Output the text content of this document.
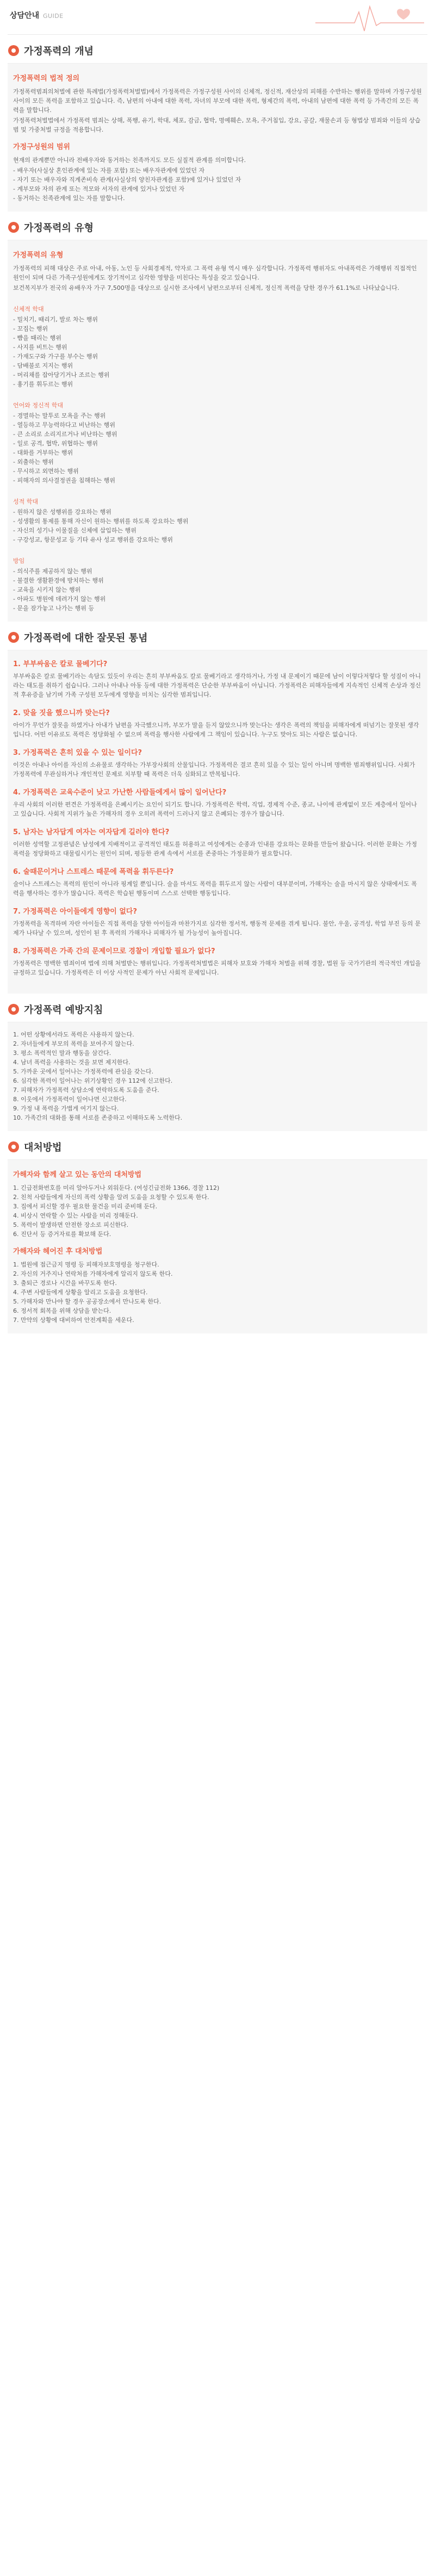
상담안내 GUIDE
가정폭력의 개념
가정폭력의 법적 정의

가정폭력범죄의처벌에 관한 특례법(가정폭력처벌법)에서 가정폭력은 가정구성원 사이의 신체적, 정신적, 재산상의 피해를 수반하는 행위를 말하며 가정구성원 사이의 모든 폭력을 포함하고 있습니다. 즉, 남편의 아내에 대한 폭력, 자녀의 부모에 대한 폭력, 형제간의 폭력, 아내의 남편에 대한 폭력 등 가족간의 모든 폭력을 말합니다.

가정폭력처벌법에서 가정폭력 범죄는 상해, 폭행, 유기, 학대, 체포, 감금, 협박, 명예훼손, 모욕, 주거침입, 강요, 공갈, 재물손괴 등 형법상 범죄와 이들의 상습범 및 가중처벌 규정을 적용합니다.

가정구성원의 범위

현재의 관계뿐만 아니라 전배우자와 동거하는 친족까지도 모든 실질적 관계를 의미합니다.

- 배우자(사실상 혼인관계에 있는 자를 포함) 또는 배우자관계에 있었던 자
- 자기 또는 배우자와 직계존비속 관계(사실상의 양친자관계를 포함)에 있거나 있었던 자
- 계부모와 자의 관계 또는 적모와 서자의 관계에 있거나 있었던 자
- 동거하는 친족관계에 있는 자를 말합니다.
가정폭력의 유형
가정폭력의 유형

가정폭력의 피해 대상은 주로 아내, 아동, 노인 등 사회경제적, 약자로 그 폭력 유형 역시 매우 심각합니다. 가정폭력 행위자도 아내폭력은 가해행위 직접적인 원인이 되며 다른 가족구성원에게도 장기적이고 심각한 영향을 미친다는 특성을 갖고 있습니다.

보건복지부가 전국의 유배우자 가구 7,500명을 대상으로 실시한 조사에서 남편으로부터 신체적, 정신적 폭력을 당한 경우가 61.1%로 나타났습니다.

신체적 학대
- 밀치기, 때리기, 발로 차는 행위
- 꼬집는 행위
- 뺨을 때리는 행위
- 사지를 비트는 행위
- 가재도구와 가구를 부수는 행위
- 담배불로 지지는 행위
- 머리채를 잡아당기거나 조르는 행위
- 흉기를 휘두르는 행위
언어와 정신적 학대
- 경멸하는 말투로 모욕을 주는 행위
- 열등하고 무능력하다고 비난하는 행위
- 큰 소리로 소리지르거나 비난하는 행위
- 일로 공격, 협박, 위협하는 행위
- 대화를 거부하는 행위
- 외출하는 행위
- 무시하고 외면하는 행위
- 피해자의 의사결정권을 침해하는 행위
성적 학대
- 원하지 않은 성행위를 강요하는 행위
- 성생활의 통제를 통해 자신이 원하는 행위를 하도록 강요하는 행위
- 자신의 성기나 이물질을 신체에 삽입하는 행위
- 구강성교, 항문성교 등 기타 유사 성교 행위를 강요하는 행위
방임
- 의식주를 제공하지 않는 행위
- 불결한 생활환경에 방치하는 행위
- 교육을 시키지 않는 행위
- 아파도 병원에 데려가지 않는 행위
- 문을 잠가놓고 나가는 행위 등
가정폭력에 대한 잘못된 통념
1. 부부싸움은 칼로 물베기다?

부부싸움은 칼로 물베기라는 속담도 있듯이 우리는 흔히 부부싸움도 칼로 물베기라고 생각하거나, 가정 내 문제이기 때문에 남이 이렇다저렇다 할 성질이 아니라는 태도를 취하기 쉽습니다. 그러나 아내나 아동 등에 대한 가정폭력은 단순한 부부싸움이 아닙니다. 가정폭력은 피해자들에게 지속적인 신체적 손상과 정신적 후유증을 남기며 가족 구성원 모두에게 영향을 미치는 심각한 범죄입니다.

2. 맞을 짓을 했으니까 맞는다?

아이가 무언가 잘못을 하였거나 아내가 남편을 자극했으니까, 부모가 말을 듣지 않았으니까 맞는다는 생각은 폭력의 책임을 피해자에게 떠넘기는 잘못된 생각입니다. 어떤 이유로도 폭력은 정당화될 수 없으며 폭력을 행사한 사람에게 그 책임이 있습니다. 누구도 맞아도 되는 사람은 없습니다.

3. 가정폭력은 흔히 있을 수 있는 일이다?

이것은 아내나 아이를 자신의 소유물로 생각하는 가부장사회의 산물입니다. 가정폭력은 결코 흔히 있을 수 있는 일이 아니며 명백한 범죄행위입니다. 사회가 가정폭력에 무관심하거나 개인적인 문제로 치부할 때 폭력은 더욱 심화되고 반복됩니다.

4. 가정폭력은 교육수준이 낮고 가난한 사람들에게서 많이 일어난다?

우리 사회의 이러한 편견은 가정폭력을 은폐시키는 요인이 되기도 합니다. 가정폭력은 학력, 직업, 경제적 수준, 종교, 나이에 관계없이 모든 계층에서 일어나고 있습니다. 사회적 지위가 높은 가해자의 경우 오히려 폭력이 드러나지 않고 은폐되는 경우가 많습니다.

5. 남자는 남자답게 여자는 여자답게 길러야 한다?

이러한 성역할 고정관념은 남성에게 지배적이고 공격적인 태도를 허용하고 여성에게는 순종과 인내를 강요하는 문화를 만들어 왔습니다. 이러한 문화는 가정폭력을 정당화하고 대물림시키는 원인이 되며, 평등한 관계 속에서 서로를 존중하는 가정문화가 필요합니다.

6. 술때문이거나 스트레스 때문에 폭력을 휘두른다?

술이나 스트레스는 폭력의 원인이 아니라 핑계일 뿐입니다. 술을 마셔도 폭력을 휘두르지 않는 사람이 대부분이며, 가해자는 술을 마시지 않은 상태에서도 폭력을 행사하는 경우가 많습니다. 폭력은 학습된 행동이며 스스로 선택한 행동입니다.

7. 가정폭력은 아이들에게 영향이 없다?

가정폭력을 목격하며 자란 아이들은 직접 폭력을 당한 아이들과 마찬가지로 심각한 정서적, 행동적 문제를 겪게 됩니다. 불안, 우울, 공격성, 학업 부진 등의 문제가 나타날 수 있으며, 성인이 된 후 폭력의 가해자나 피해자가 될 가능성이 높아집니다.

8. 가정폭력은 가족 간의 문제이므로 경찰이 개입할 필요가 없다?

가정폭력은 명백한 범죄이며 법에 의해 처벌받는 행위입니다. 가정폭력처벌법은 피해자 보호와 가해자 처벌을 위해 경찰, 법원 등 국가기관의 적극적인 개입을 규정하고 있습니다. 가정폭력은 더 이상 사적인 문제가 아닌 사회적 문제입니다.

가정폭력 예방지침
1. 어떤 상황에서라도 폭력은 사용하지 않는다.
2. 자녀들에게 부모의 폭력을 보여주지 않는다.
3. 평소 폭력적인 말과 행동을 삼간다.
4. 남녀 폭력을 사용하는 것을 보면 제지한다.
5. 가까운 곳에서 일어나는 가정폭력에 관심을 갖는다.
6. 심각한 폭력이 일어나는 위기상황인 경우 112에 신고한다.
7. 피해자가 가정폭력 상담소에 연락하도록 도움을 준다.
8. 이웃에서 가정폭력이 일어나면 신고한다.
9. 가정 내 폭력을 가볍게 여기지 않는다.
10. 가족간의 대화를 통해 서로를 존중하고 이해하도록 노력한다.
대처방법
가해자와 함께 살고 있는 동안의 대처방법
1. 긴급전화번호를 미리 알아두거나 외워둔다. (여성긴급전화 1366, 경찰 112)
2. 친척 사람들에게 자신의 폭력 상황을 알려 도움을 요청할 수 있도록 한다.
3. 집에서 피신할 경우 필요한 물건을 미리 준비해 둔다.
4. 비상시 연락할 수 있는 사람을 미리 정해둔다.
5. 폭력이 발생하면 안전한 장소로 피신한다.
6. 진단서 등 증거자료를 확보해 둔다.
가해자와 헤어진 후 대처방법
1. 법원에 접근금지 명령 등 피해자보호명령을 청구한다.
2. 자신의 거주지나 연락처를 가해자에게 알리지 않도록 한다.
3. 출퇴근 경로나 시간을 바꾸도록 한다.
4. 주변 사람들에게 상황을 알리고 도움을 요청한다.
5. 가해자와 만나야 할 경우 공공장소에서 만나도록 한다.
6. 정서적 회복을 위해 상담을 받는다.
7. 만약의 상황에 대비하여 안전계획을 세운다.
